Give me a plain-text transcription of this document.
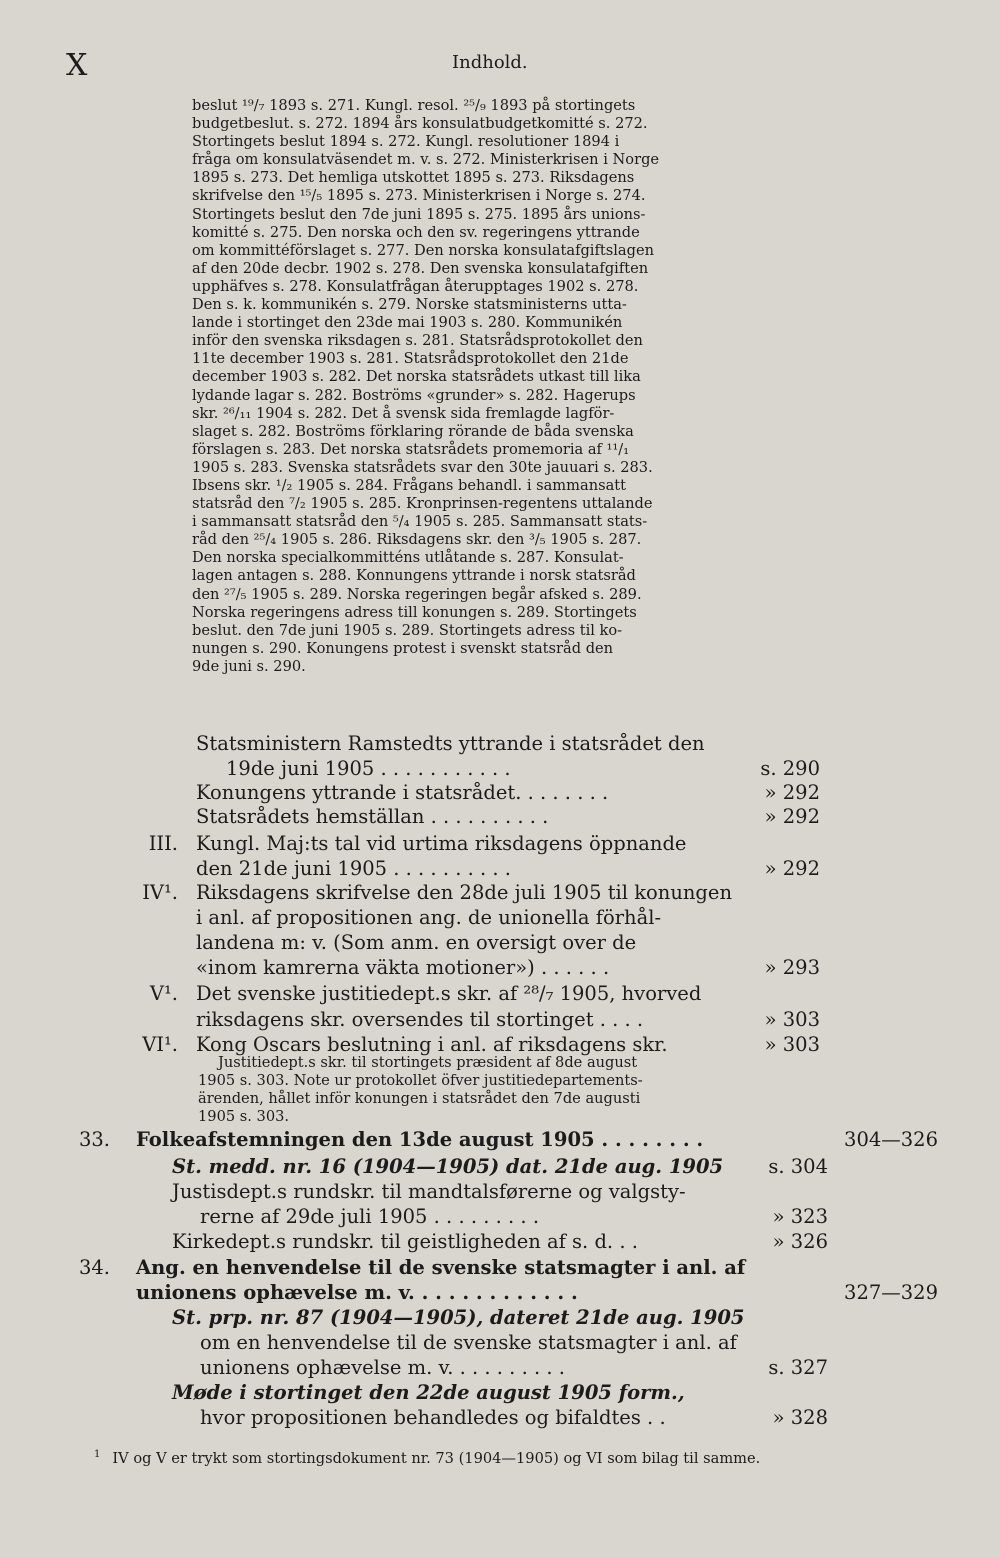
X	Indhold.

beslut ¹⁹/₇ 1893 s. 271. Kungl. resol. ²⁵/₉ 1893 på stortingets

budgetbeslut. s. 272. 1894 års konsulatbudgetkomitté s. 272.

Stortingets beslut 1894 s. 272. Kungl. resolutioner 1894 i

fråga om konsulatväsendet m. v. s. 272. Ministerkrisen i Norge

1895 s. 273. Det hemliga utskottet 1895 s. 273. Riksdagens

skrifvelse den ¹⁵/₅ 1895 s. 273. Ministerkrisen i Norge s. 274.

Stortingets beslut den 7de juni 1895 s. 275. 1895 års unions-

komitté s. 275. Den norska och den sv. regeringens yttrande

om kommittéförslaget s. 277. Den norska konsulatafgiftslagen

af den 20de decbr. 1902 s. 278. Den svenska konsulatafgiften

upphäfves s. 278. Konsulatfrågan återupptages 1902 s. 278.

Den s. k. kommunikén s. 279. Norske statsministerns utta-

lande i stortinget den 23de mai 1903 s. 280. Kommunikén

inför den svenska riksdagen s. 281. Statsrådsprotokollet den

11te december 1903 s. 281. Statsrådsprotokollet den 21de

december 1903 s. 282. Det norska statsrådets utkast till lika

lydande lagar s. 282. Boströms «grunder» s. 282. Hagerups

skr. ²⁶/₁₁ 1904 s. 282. Det å svensk sida fremlagde lagför-

slaget s. 282. Boströms förklaring rörande de båda svenska

förslagen s. 283. Det norska statsrådets promemoria af ¹¹/₁

1905 s. 283. Svenska statsrådets svar den 30te jauuari s. 283.

Ibsens skr. ¹/₂ 1905 s. 284. Frågans behandl. i sammansatt

statsråd den ⁷/₂ 1905 s. 285. Kronprinsen-regentens uttalande

i sammansatt statsråd den ⁵/₄ 1905 s. 285. Sammansatt stats-

råd den ²⁵/₄ 1905 s. 286. Riksdagens skr. den ³/₅ 1905 s. 287.

Den norska specialkommitténs utlåtande s. 287. Konsulat-

lagen antagen s. 288. Konnungens yttrande i norsk statsråd

den ²⁷/₅ 1905 s. 289. Norska regeringen begår afsked s. 289.

Norska regeringens adress till konungen s. 289. Stortingets

beslut. den 7de juni 1905 s. 289. Stortingets adress til ko-

nungen s. 290. Konungens protest i svenskt statsråd den

9de juni s. 290.

Statsministern Ramstedts yttrande i statsrådet den
19de juni 1905 . . . . . . . . . . .	s. 290
Konungens yttrande i statsrådet. . . . . . . .	» 292
Statsrådets hemställan . . . . . . . . . .	» 292
III. Kungl. Maj:ts tal vid urtima riksdagens öppnande
den 21de juni 1905 . . . . . . . . . .	» 292
IV¹. Riksdagens skrifvelse den 28de juli 1905 til konungen
i anl. af propositionen ang. de unionella förhål-
landena m: v. (Som anm. en oversigt over de
«inom kamrerna väkta motioner») . . . . . .	» 293
V¹. Det svenske justitiedept.s skr. af ²⁸/₇ 1905, hvorved
riksdagens skr. oversendes til stortinget . . . .	» 303
VI¹. Kong Oscars beslutning i anl. af riksdagens skr.	» 303
Justitiedept.s skr. til stortingets præsident af 8de august
1905 s. 303. Note ur protokollet öfver justitiedepartements-
ärenden, hållet inför konungen i statsrådet den 7de augusti
1905 s. 303.
33. Folkeafstemningen den 13de august 1905 . . . . . . . .	304—326
St. medd. nr. 16 (1904—1905) dat. 21de aug. 1905 s. 304
Justisdept.s rundskr. til mandtalsførerne og valgsty-
rerne af 29de juli 1905 . . . . . . . . .	» 323
Kirkedept.s rundskr. til geistligheden af s. d. . .	» 326
34. Ang. en henvendelse til de svenske statsmagter i anl. af
unionens ophævelse m. v. . . . . . . . . . . . .	327—329
St. prp. nr. 87 (1904—1905), dateret 21de aug. 1905
om en henvendelse til de svenske statsmagter i anl. af
unionens ophævelse m. v. . . . . . . . . .	s. 327
Møde i stortinget den 22de august 1905 form.,
hvor propositionen behandledes og bifaldtes . .	» 328
$^1$ IV og V er trykt som stortingsdokument nr. 73 (1904—1905) og VI som bilag til samme.
